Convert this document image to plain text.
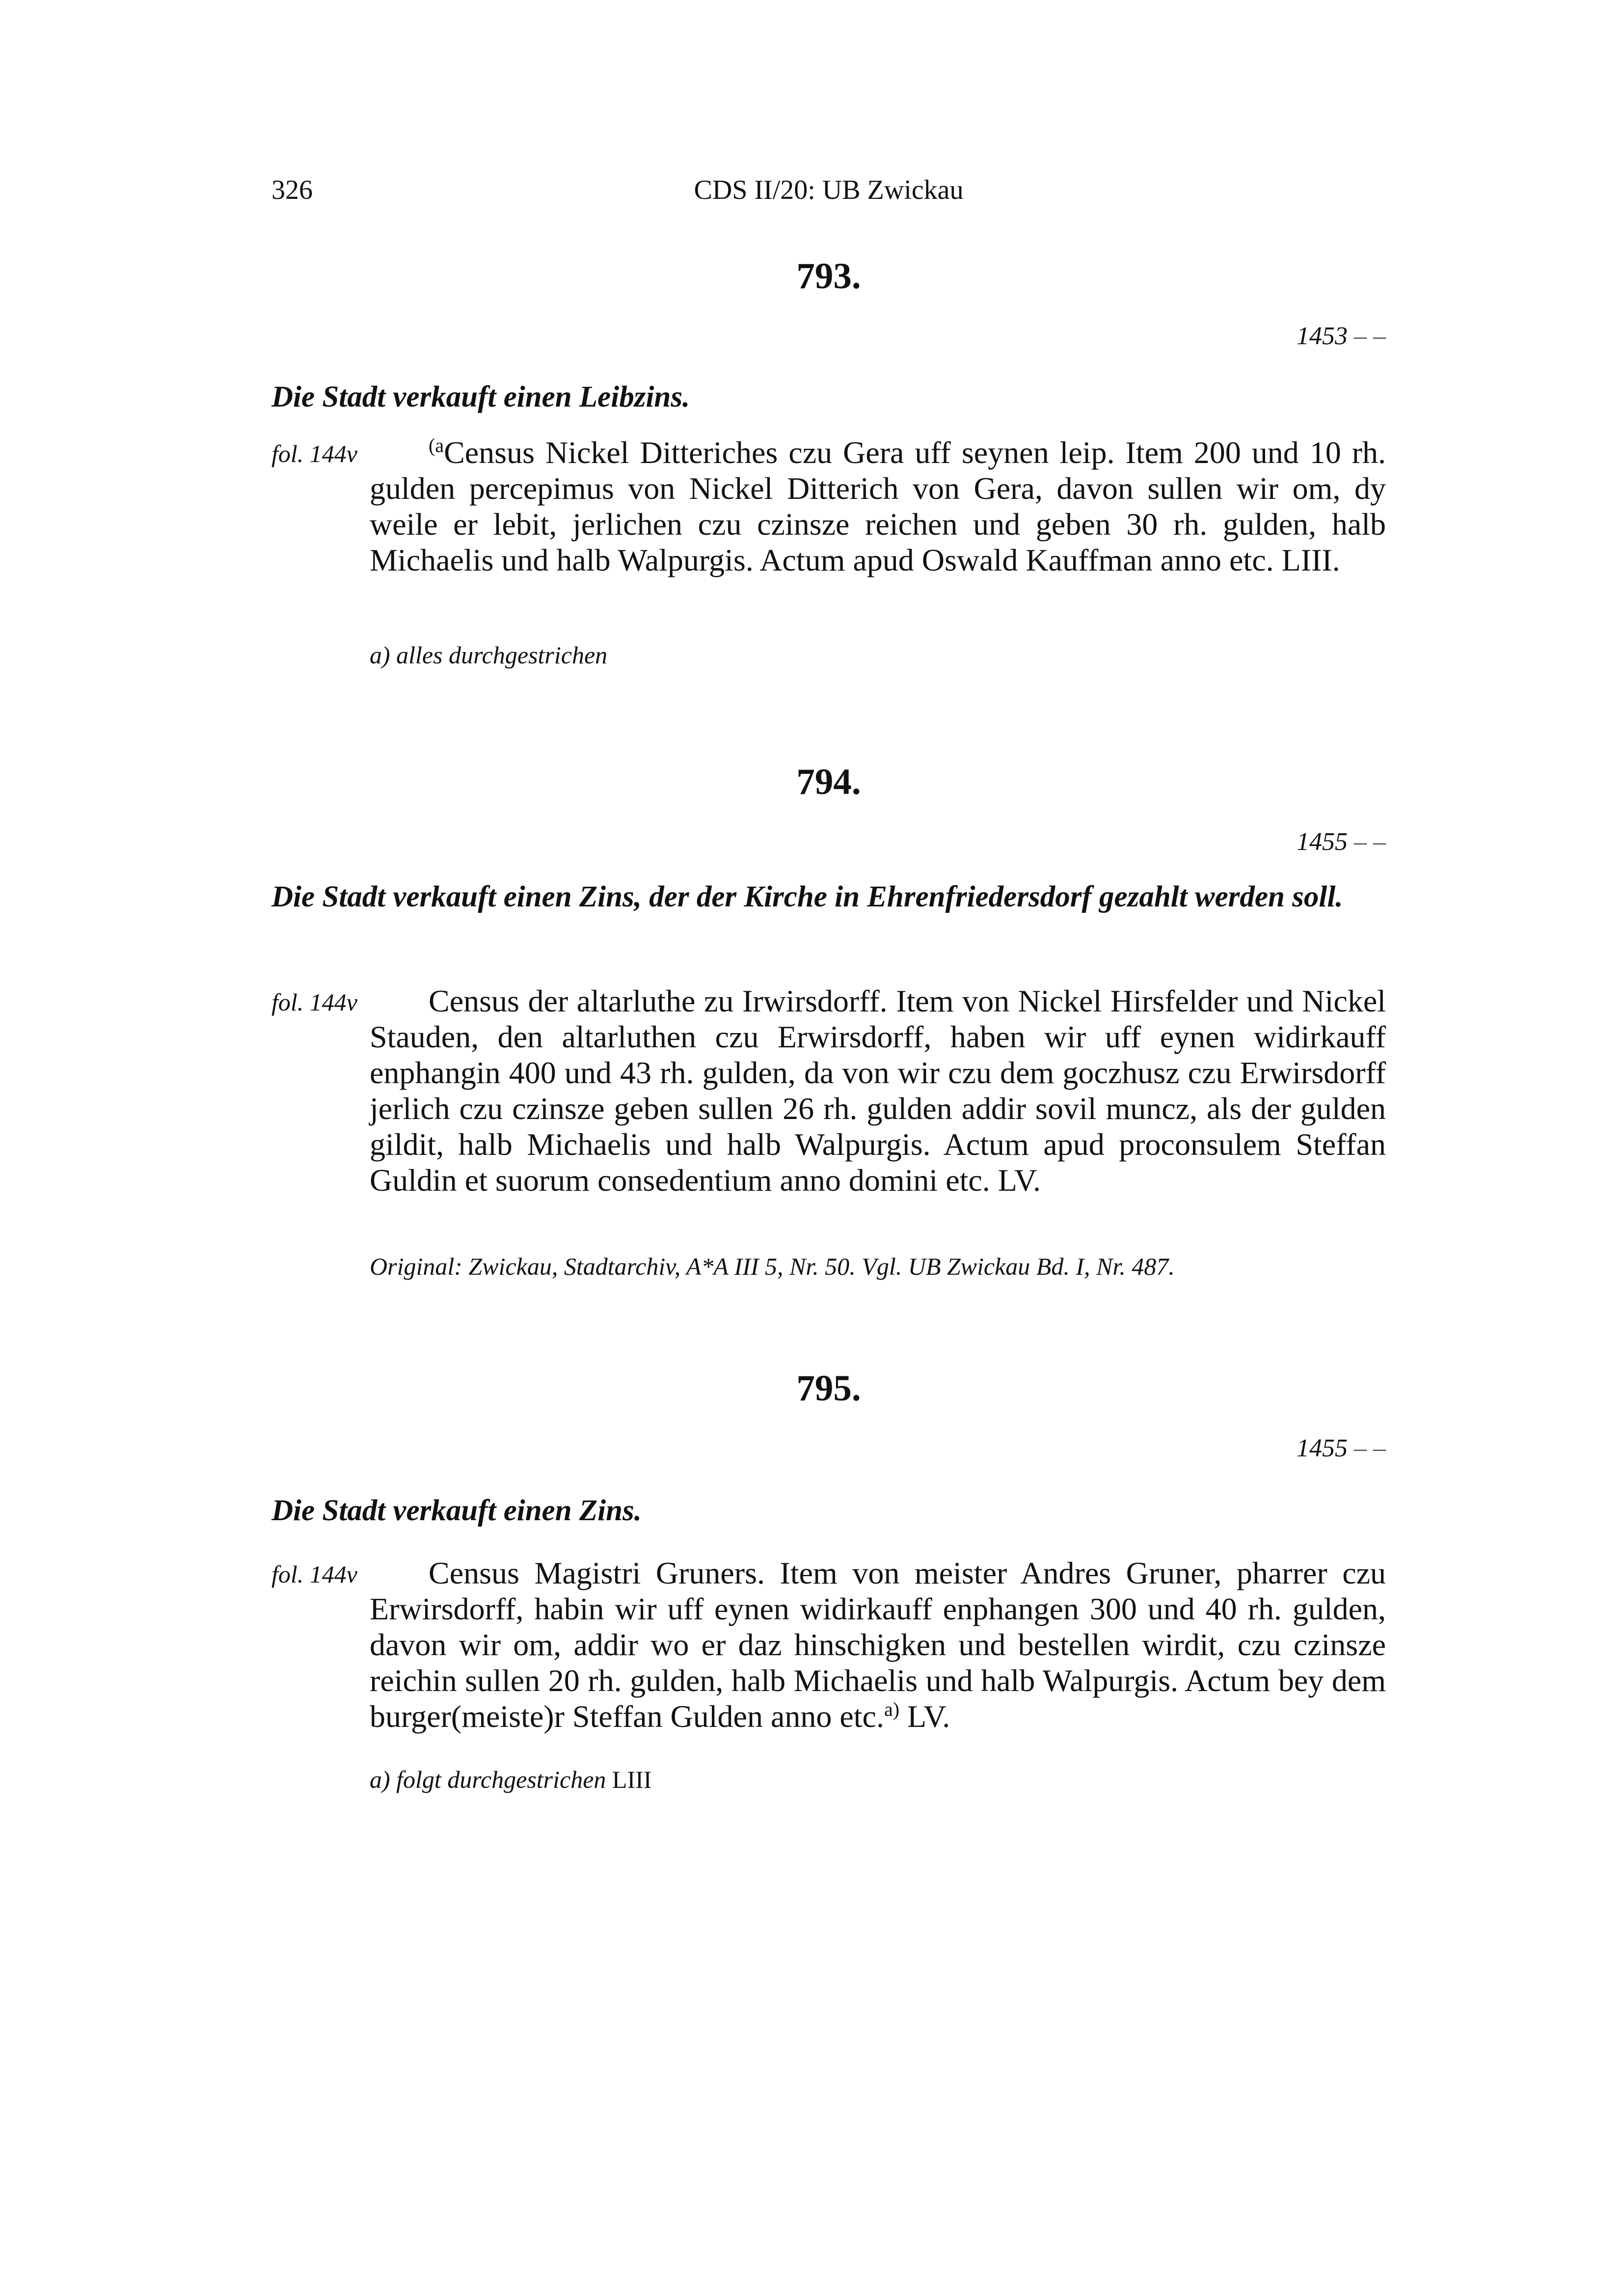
326	CDS II/20: UB Zwickau
793.
1453 – –
Die Stadt verkauft einen Leibzins.
fol. 144v	$^{(a}$Census Nickel Ditteriches czu Gera uff seynen leip. Item 200 und 10 rh. gulden percepimus von Nickel Ditterich von Gera, davon sullen wir om, dy weile er lebit, jerlichen czu czinsze reichen und geben 30 rh. gulden, halb Michaelis und halb Walpurgis. Actum apud Oswald Kauffman anno etc. LIII.
a) alles durchgestrichen
794.
1455 – –
Die Stadt verkauft einen Zins, der der Kirche in Ehrenfriedersdorf gezahlt werden soll.
fol. 144v	Census der altarluthe zu Irwirsdorff. Item von Nickel Hirsfelder und Nickel Stauden, den altarluthen czu Erwirsdorff, haben wir uff eynen widirkauff enphangin 400 und 43 rh. gulden, da von wir czu dem goczhusz czu Erwirsdorff jerlich czu czinsze geben sullen 26 rh. gulden addir sovil muncz, als der gulden gildit, halb Michaelis und halb Walpurgis. Actum apud proconsulem Steffan Guldin et suorum consedentium anno domini etc. LV.
Original: Zwickau, Stadtarchiv, A*A III 5, Nr. 50. Vgl. UB Zwickau Bd. I, Nr. 487.
795.
1455 – –
Die Stadt verkauft einen Zins.
fol. 144v	Census Magistri Gruners. Item von meister Andres Gruner, pharrer czu Erwirsdorff, habin wir uff eynen widirkauff enphangen 300 und 40 rh. gulden, davon wir om, addir wo er daz hinschigken und bestellen wirdit, czu czinsze reichin sullen 20 rh. gulden, halb Michaelis und halb Walpurgis. Actum bey dem burger(meiste)r Steffan Gulden anno etc.$^{a)}$ LV.
a) folgt durchgestrichen LIII
